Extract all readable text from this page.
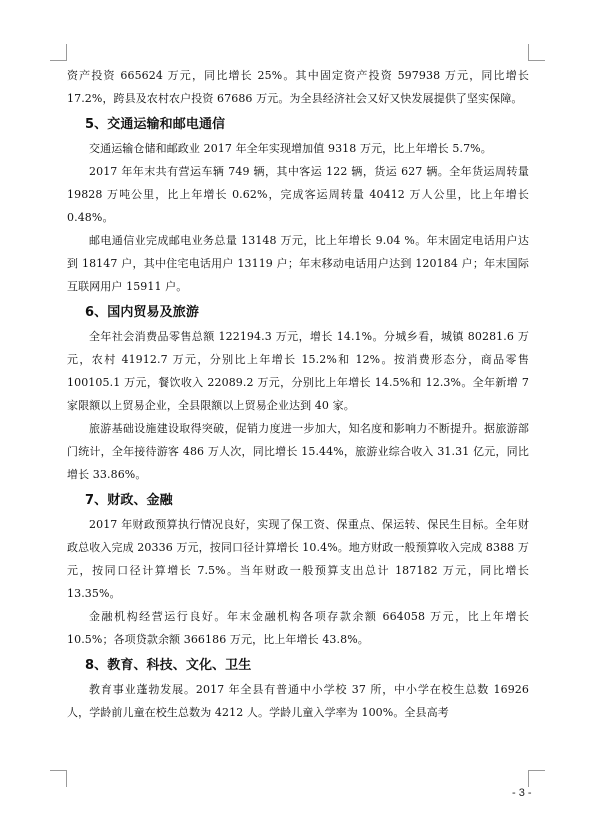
资产投资 665624 万元，同比增长 25%。其中固定资产投资 597938 万元，同比增长 17.2%，跨县及农村农户投资 67686 万元。为全县经济社会又好又快发展提供了坚实保障。

5、交通运输和邮电通信

交通运输仓储和邮政业 2017 年全年实现增加值 9318 万元，比上年增长 5.7%。

2017 年年末共有营运车辆 749 辆，其中客运 122 辆，货运 627 辆。全年货运周转量 19828 万吨公里，比上年增长 0.62%，完成客运周转量 40412 万人公里，比上年增长 0.48%。

邮电通信业完成邮电业务总量 13148 万元，比上年增长 9.04 %。年末固定电话用户达到 18147 户，其中住宅电话用户 13119 户；年末移动电话用户达到 120184 户；年末国际互联网用户 15911 户。

6、国内贸易及旅游

全年社会消费品零售总额 122194.3 万元，增长 14.1%。分城乡看，城镇 80281.6 万元，农村 41912.7 万元，分别比上年增长 15.2%和 12%。按消费形态分，商品零售 100105.1 万元，餐饮收入 22089.2 万元，分别比上年增长 14.5%和 12.3%。全年新增 7 家限额以上贸易企业，全县限额以上贸易企业达到 40 家。

旅游基础设施建设取得突破，促销力度进一步加大，知名度和影响力不断提升。据旅游部门统计，全年接待游客 486 万人次，同比增长 15.44%，旅游业综合收入 31.31 亿元，同比增长 33.86%。

7、财政、金融

2017 年财政预算执行情况良好，实现了保工资、保重点、保运转、保民生目标。全年财政总收入完成 20336 万元，按同口径计算增长 10.4%。地方财政一般预算收入完成 8388 万元，按同口径计算增长 7.5%。当年财政一般预算支出总计 187182 万元，同比增长 13.35%。

金融机构经营运行良好。年末金融机构各项存款余额 664058 万元，比上年增长 10.5%；各项贷款余额 366186 万元，比上年增长 43.8%。

8、教育、科技、文化、卫生

教育事业蓬勃发展。2017 年全县有普通中小学校 37 所，中小学在校生总数 16926 人，学龄前儿童在校生总数为 4212 人。学龄儿童入学率为 100%。全县高考

- 3 -
